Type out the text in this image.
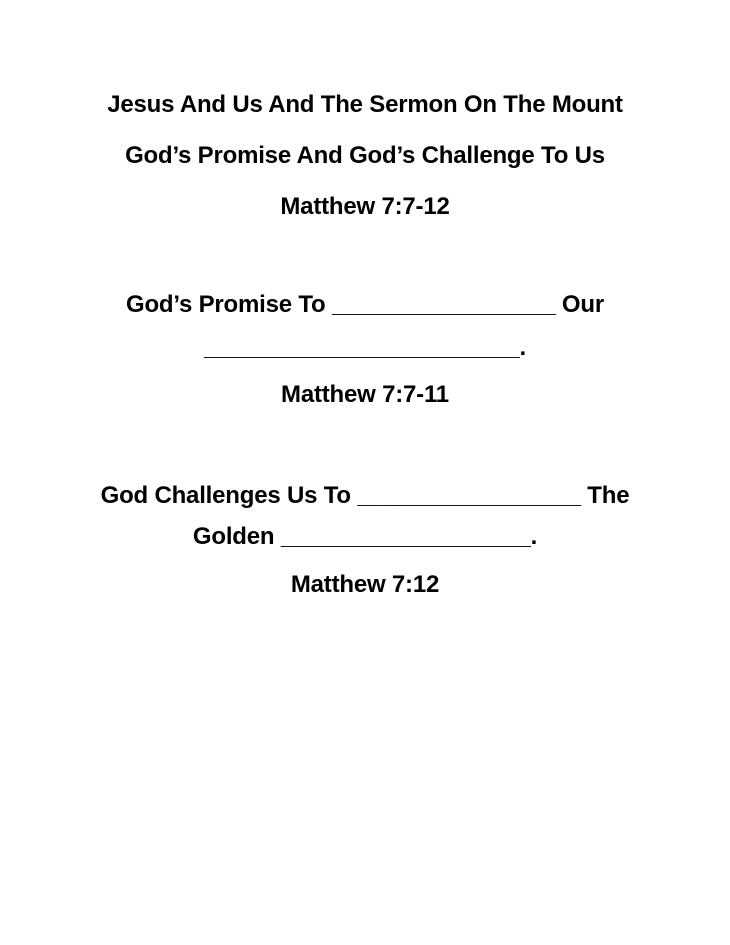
Jesus And Us And The Sermon On The Mount
God’s Promise And God’s Challenge To Us
Matthew 7:7-12
God’s Promise To _________________ Our
________________________.
Matthew 7:7-11
God Challenges Us To _________________ The
Golden ___________________.
Matthew 7:12
